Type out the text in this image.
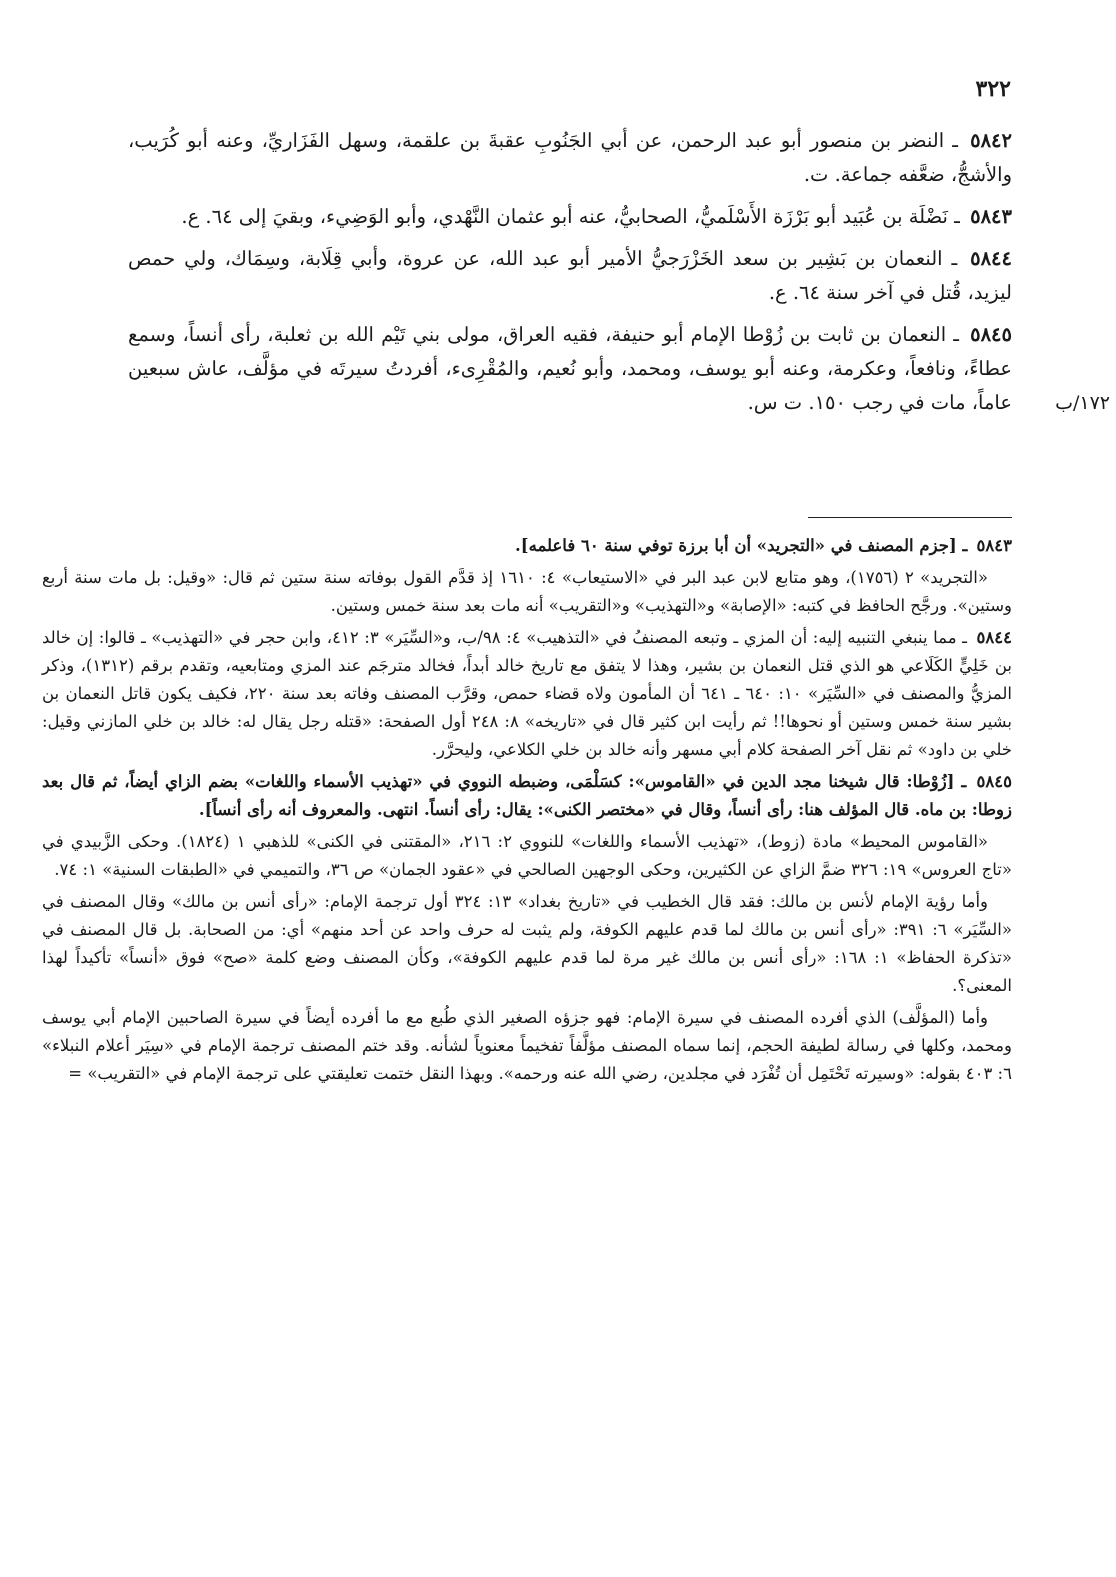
٣٢٢

٥٨٤٢ ـ النضر بن منصور أبو عبد الرحمن، عن أبي الجَنُوبِ عقبةَ بن علقمة، وسهل الفَزَاريِّ، وعنه أبو كُرَيب، والأشجُّ، ضعَّفه جماعة. ت.

٥٨٤٣ ـ نَضْلَة بن عُبَيد أبو بَرْزَة الأَسْلَميُّ، الصحابيُّ، عنه أبو عثمان النَّهْدي، وأبو الوَضِيء، وبقيَ إلى ٦٤. ع.

٥٨٤٤ ـ النعمان بن بَشِير بن سعد الخَزْرَجيُّ الأمير أبو عبد الله، عن عروة، وأبي قِلَابة، وسِمَاك، ولي حمص ليزيد، قُتل في آخر سنة ٦٤. ع.

٥٨٤٥ ـ النعمان بن ثابت بن زُوْطا الإمام أبو حنيفة، فقيه العراق، مولى بني تَيْم الله بن ثعلبة، رأى أنساً، وسمع عطاءً، ونافعاً، وعكرمة، وعنه أبو يوسف، ومحمد، وأبو نُعيم، والمُقْرِىء، أفردتُ سيرتَه في مؤلَّف، عاش سبعين عاماً، مات في رجب ١٥٠. ت س.	١٧٢/ب

٥٨٤٣ ـ [جزم المصنف في «التجريد» أن أبا برزة توفي سنة ٦٠ فاعلمه].

«التجريد» ٢ (١٧٥٦)، وهو متابع لابن عبد البر في «الاستيعاب» ٤: ١٦١٠ إذ قدَّم القول بوفاته سنة ستين ثم قال: «وقيل: بل مات سنة أربع وستين». ورجَّح الحافظ في كتبه: «الإصابة» و«التهذيب» و«التقريب» أنه مات بعد سنة خمس وستين.

٥٨٤٤ ـ مما ينبغي التنبيه إليه: أن المزي ـ وتبعه المصنفُ في «التذهيب» ٤: ٩٨/ب، و«السِّيَر» ٣: ٤١٢، وابن حجر في «التهذيب» ـ قالوا: إن خالد بن خَلِيٍّ الكَلَاعي هو الذي قتل النعمان بن بشير، وهذا لا يتفق مع تاريخ خالد أبداً، فخالد مترجَم عند المزي ومتابعيه، وتقدم برقم (١٣١٢)، وذكر المزيُّ والمصنف في «السِّيَر» ١٠: ٦٤٠ ـ ٦٤١ أن المأمون ولاه قضاء حمص، وقرَّب المصنف وفاته بعد سنة ٢٢٠، فكيف يكون قاتل النعمان بن بشير سنة خمس وستين أو نحوها!! ثم رأيت ابن كثير قال في «تاريخه» ٨: ٢٤٨ أول الصفحة: «قتله رجل يقال له: خالد بن خلي المازني وقيل: خلي بن داود» ثم نقل آخر الصفحة كلام أبي مسهر وأنه خالد بن خلي الكلاعي، وليحرَّر.

٥٨٤٥ ـ [زُوْطا: قال شيخنا مجد الدين في «القاموس»: كسَلْمَى، وضبطه النووي في «تهذيب الأسماء واللغات» بضم الزاي أيضاً، ثم قال بعد زوطا: بن ماه. قال المؤلف هنا: رأى أنساً، وقال في «مختصر الكنى»: يقال: رأى أنساً. انتهى. والمعروف أنه رأى أنساً].

«القاموس المحيط» مادة (زوط)، «تهذيب الأسماء واللغات» للنووي ٢: ٢١٦، «المقتنى في الكنى» للذهبي ١ (١٨٢٤). وحكى الزَّبيدي في «تاج العروس» ١٩: ٣٢٦ ضمَّ الزاي عن الكثيرين، وحكى الوجهين الصالحي في «عقود الجمان» ص ٣٦، والتميمي في «الطبقات السنية» ١: ٧٤.

وأما رؤية الإمام لأنس بن مالك: فقد قال الخطيب في «تاريخ بغداد» ١٣: ٣٢٤ أول ترجمة الإمام: «رأى أنس بن مالك» وقال المصنف في «السِّيَر» ٦: ٣٩١: «رأى أنس بن مالك لما قدم عليهم الكوفة، ولم يثبت له حرف واحد عن أحد منهم» أي: من الصحابة. بل قال المصنف في «تذكرة الحفاظ» ١: ١٦٨: «رأى أنس بن مالك غير مرة لما قدم عليهم الكوفة»، وكأن المصنف وضع كلمة «صح» فوق «أنساً» تأكيداً لهذا المعنى؟.

وأما (المؤلَّف) الذي أفرده المصنف في سيرة الإمام: فهو جزؤه الصغير الذي طُبع مع ما أفرده أيضاً في سيرة الصاحبين الإمام أبي يوسف ومحمد، وكلها في رسالة لطيفة الحجم، إنما سماه المصنف مؤلَّفاً تفخيماً معنوياً لشأنه. وقد ختم المصنف ترجمة الإمام في «سِيَر أعلام النبلاء» ٦: ٤٠٣ بقوله: «وسيرته تَحْتَمِل أن تُفْرَد في مجلدين، رضي الله عنه ورحمه». وبهذا النقل ختمت تعليقتي على ترجمة الإمام في «التقريب» =
